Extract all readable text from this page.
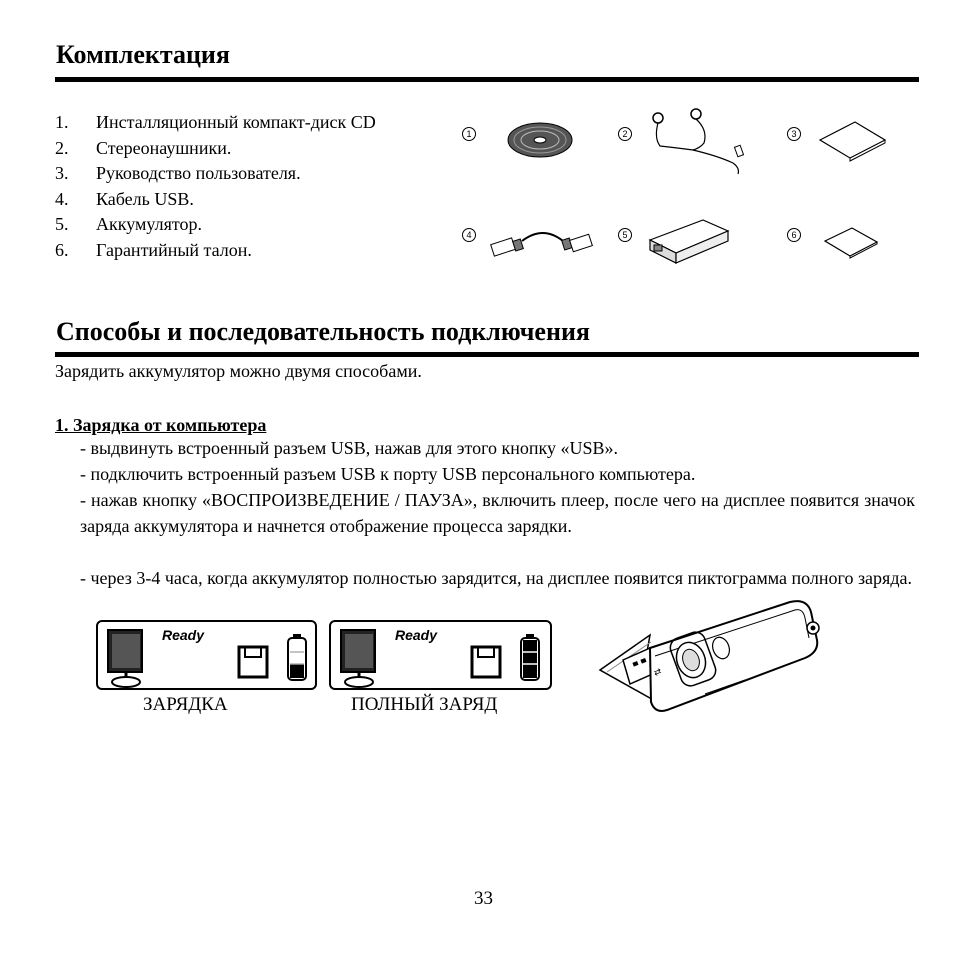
Комплектация
1. Инсталляционный компакт-диск CD
2. Стереонаушники.
3. Руководство пользователя.
4. Кабель USB.
5. Аккумулятор.
6. Гарантийный талон.
1	2	3
4	5	6
Способы и последовательность подключения
Зарядить аккумулятор можно двумя способами.
1. Зарядка от компьютера
- выдвинуть встроенный разъем USB, нажав для этого кнопку «USB».
- подключить встроенный разъем USB к порту USB персонального компьютера.
- нажав кнопку «ВОСПРОИЗВЕДЕНИЕ / ПАУЗА», включить плеер, после чего на дисплее появится значок заряда аккумулятора и начнется отображение процесса зарядки.
- через 3-4 часа, когда аккумулятор полностью зарядится, на дисплее появится пиктограмма полного заряда.
Ready
ЗАРЯДКА
Ready
ПОЛНЫЙ ЗАРЯД
⇄
33
